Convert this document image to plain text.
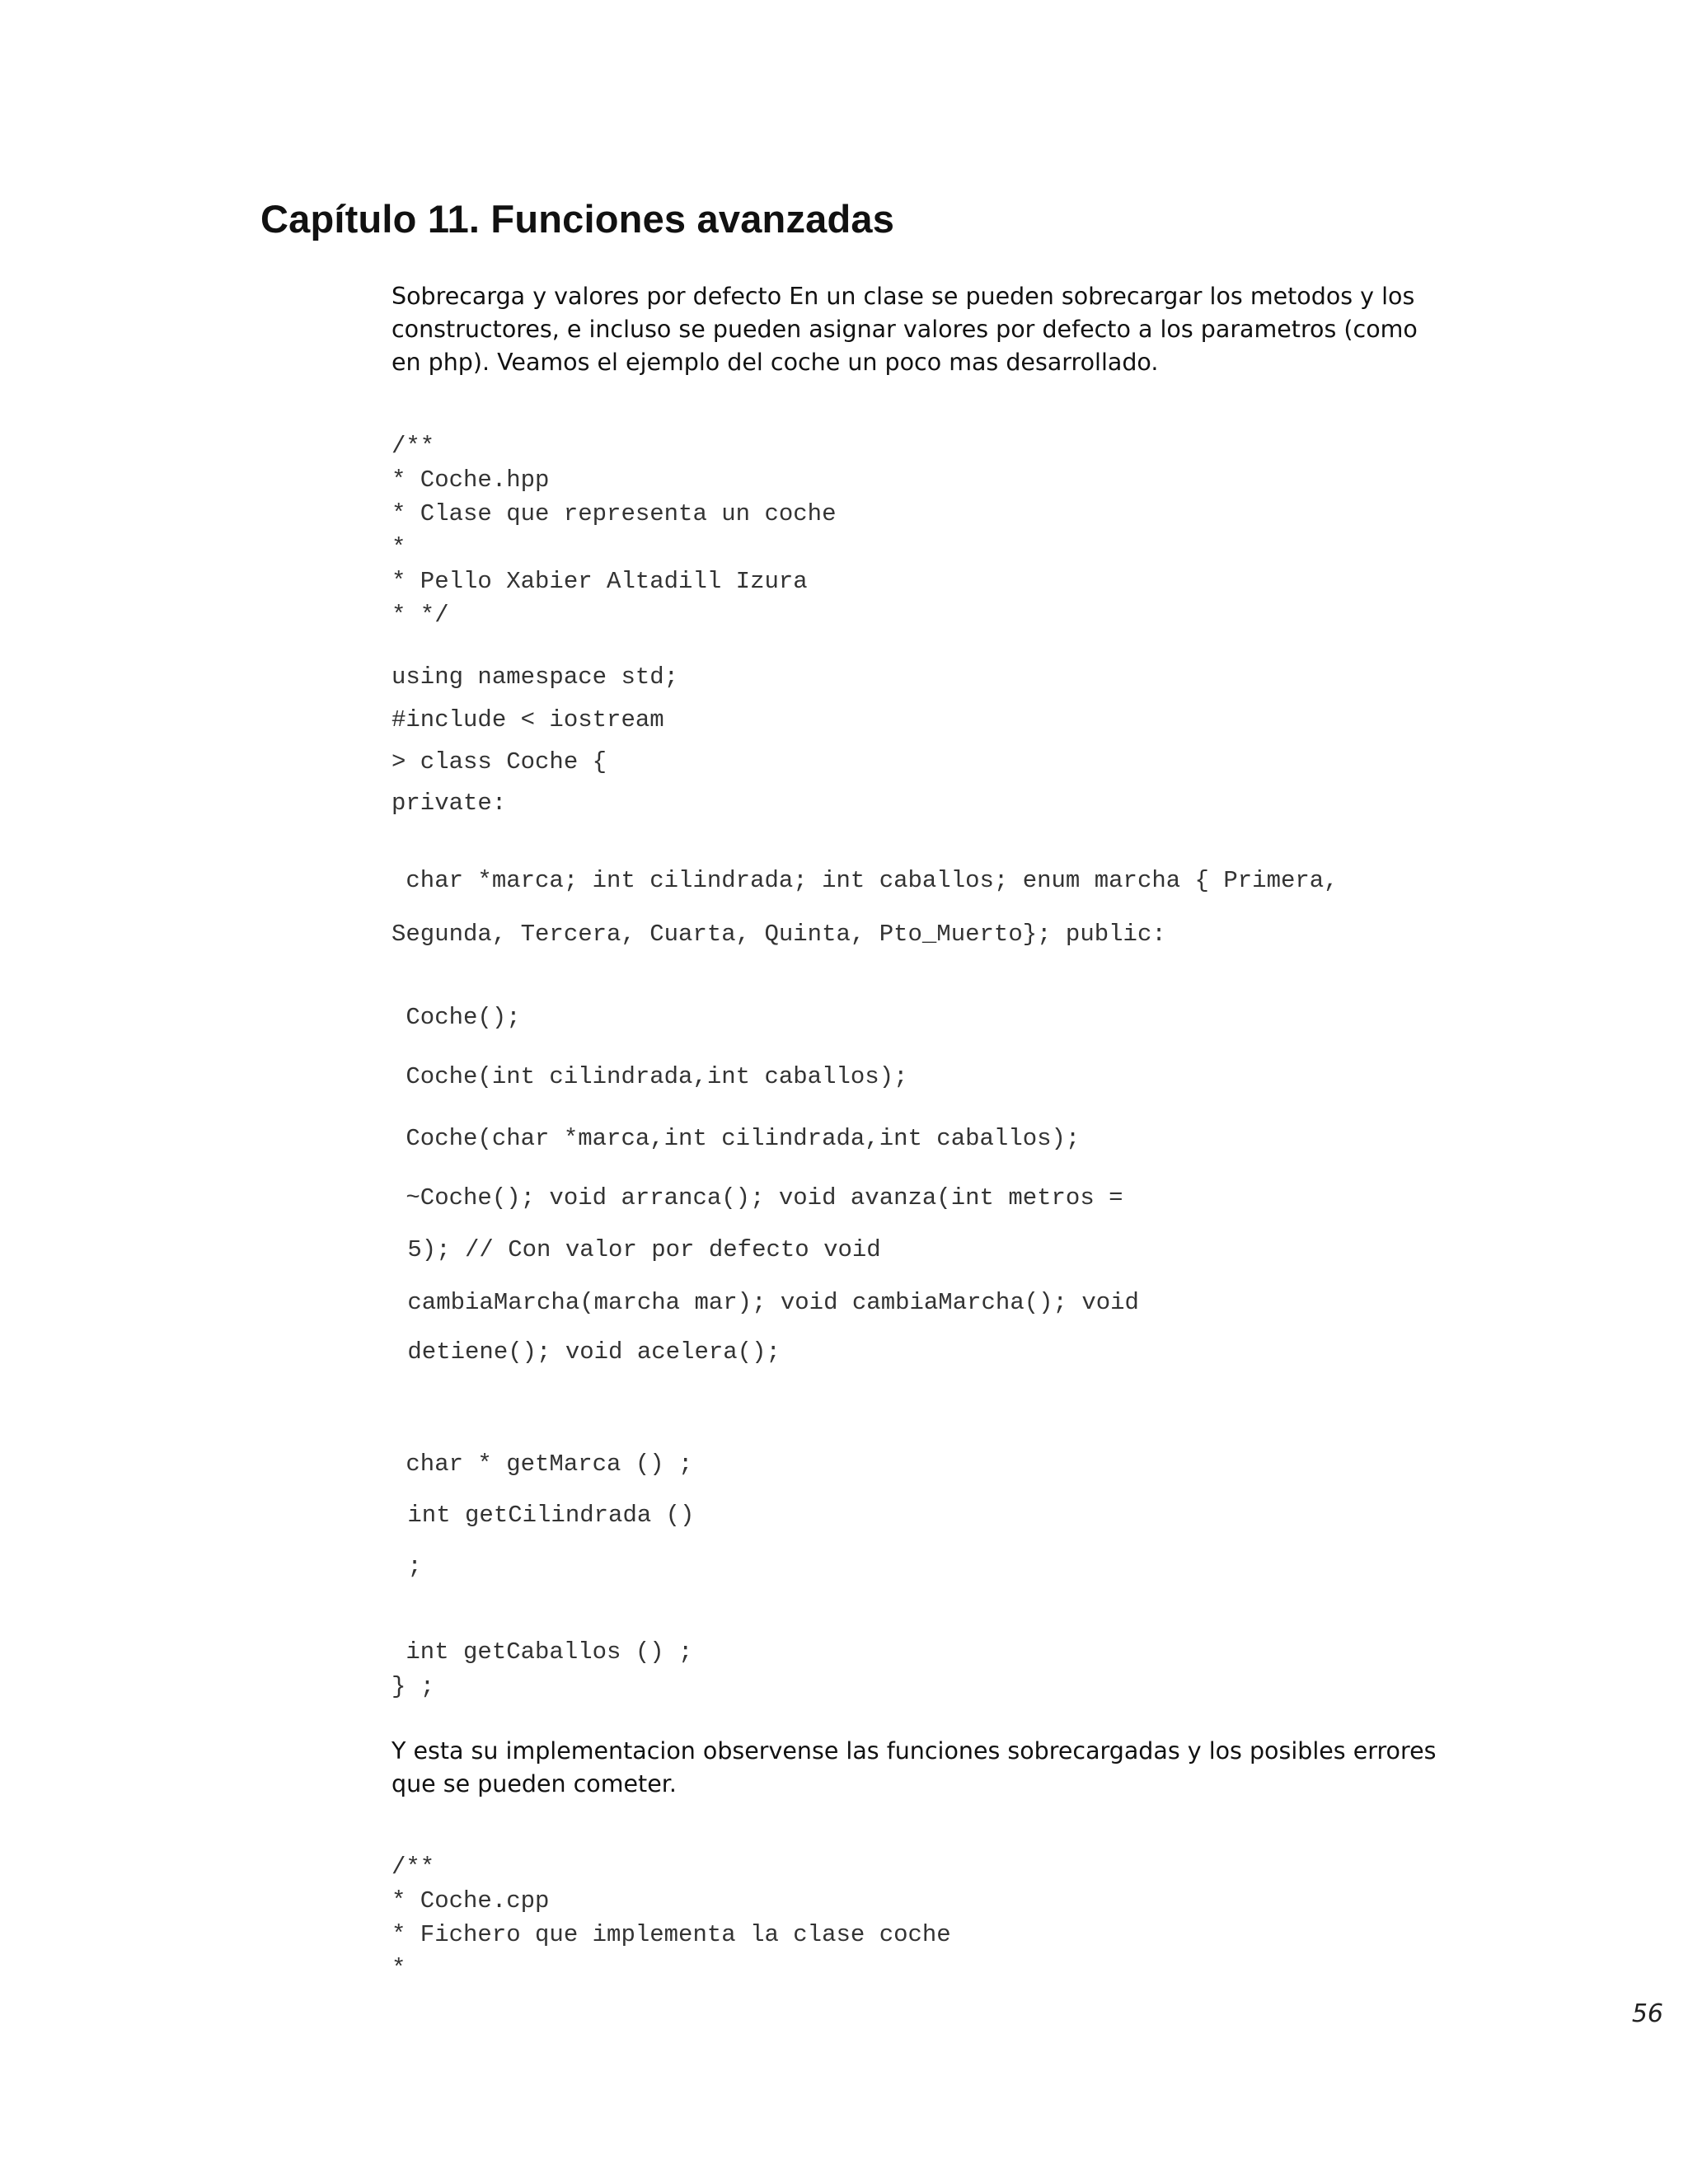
Capítulo 11. Funciones avanzadas

Sobrecarga y valores por defecto En un clase se pueden sobrecargar los metodos y los constructores, e incluso se pueden asignar valores por defecto a los parametros (como en php). Veamos el ejemplo del coche un poco mas desarrollado.

/**
* Coche.hpp
* Clase que representa un coche
*
* Pello Xabier Altadill Izura
* */
using namespace std;
#include < iostream
> class Coche {
private:
char *marca; int cilindrada; int caballos; enum marcha { Primera,
Segunda, Tercera, Cuarta, Quinta, Pto_Muerto}; public:
Coche();
Coche(int cilindrada,int caballos);
Coche(char *marca,int cilindrada,int caballos);
~Coche(); void arranca(); void avanza(int metros =
5); // Con valor por defecto void
cambiaMarcha(marcha mar); void cambiaMarcha(); void
detiene(); void acelera();
char * getMarca () ;
int getCilindrada ()
;
int getCaballos () ;
} ;

Y esta su implementacion observense las funciones sobrecargadas y los posibles errores que se pueden cometer.

/**
* Coche.cpp
* Fichero que implementa la clase coche
*
56
